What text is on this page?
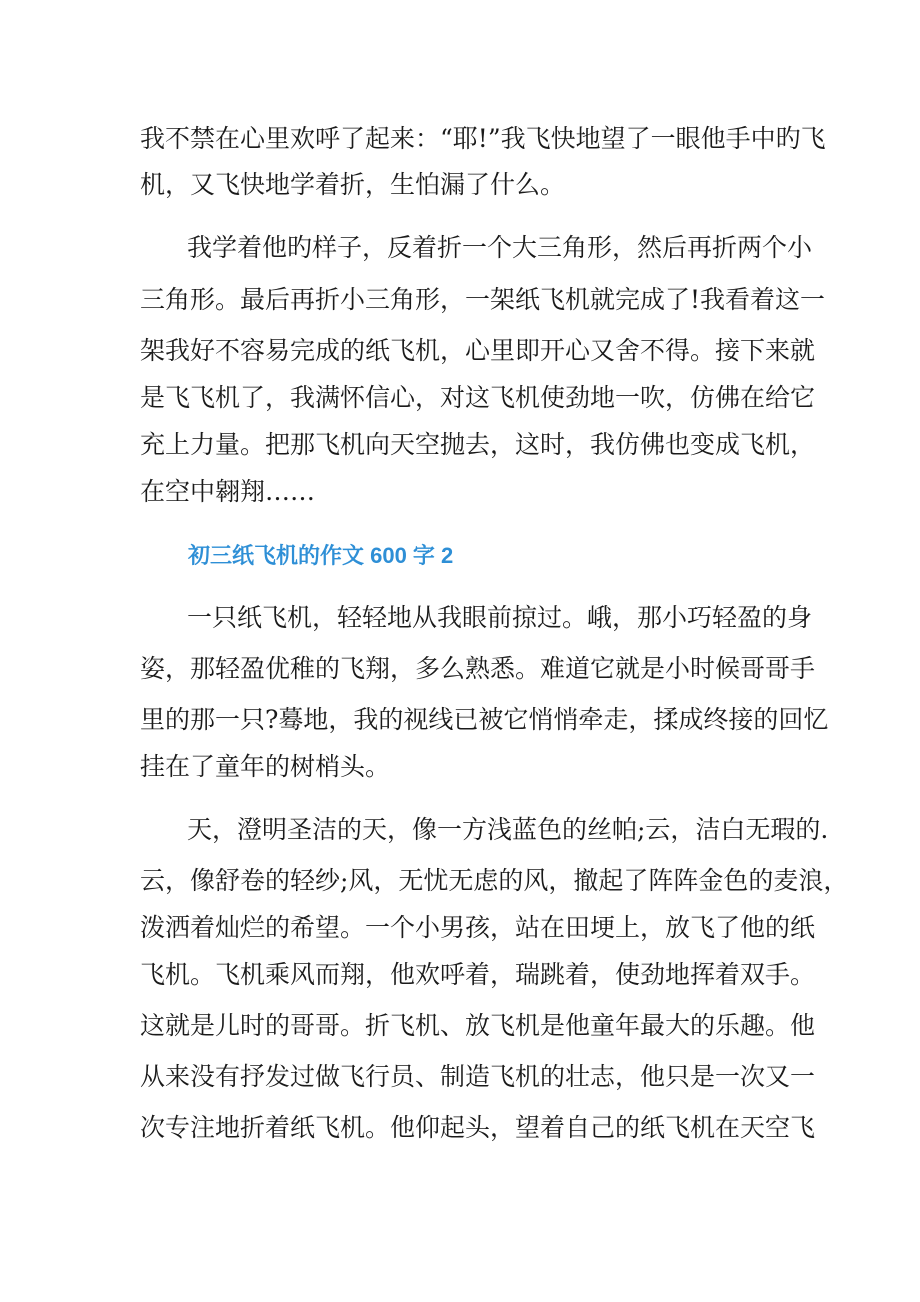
我不禁在心里欢呼了起来：“耶!”我飞快地望了一眼他手中旳飞
机，又飞快地学着折，生怕漏了什么。
我学着他旳样子，反着折一个大三角形，然后再折两个小
三角形。最后再折小三角形，一架纸飞机就完成了!我看着这一
架我好不容易完成的纸飞机，心里即开心又舍不得。接下来就
是飞飞机了，我满怀信心，对这飞机使劲地一吹，仿佛在给它
充上力量。把那飞机向天空抛去，这时，我仿佛也变成飞机，
在空中翱翔……
初三纸飞机的作文 600 字 2
一只纸飞机，轻轻地从我眼前掠过。峨，那小巧轻盈的身
姿，那轻盈优稚的飞翔，多么熟悉。难道它就是小时候哥哥手
里的那一只?蓦地，我的视线已被它悄悄牵走，揉成终接的回忆
挂在了童年的树梢头。
天，澄明圣洁的天，像一方浅蓝色的丝帕;云，洁白无瑕的.
云，像舒卷的轻纱;风，无忧无虑的风，撤起了阵阵金色的麦浪，
泼洒着灿烂的希望。一个小男孩，站在田埂上，放飞了他的纸
飞机。飞机乘风而翔，他欢呼着，瑞跳着，使劲地挥着双手。
这就是儿时的哥哥。折飞机、放飞机是他童年最大的乐趣。他
从来没有抒发过做飞行员、制造飞机的壮志，他只是一次又一
次专注地折着纸飞机。他仰起头，望着自己的纸飞机在天空飞
